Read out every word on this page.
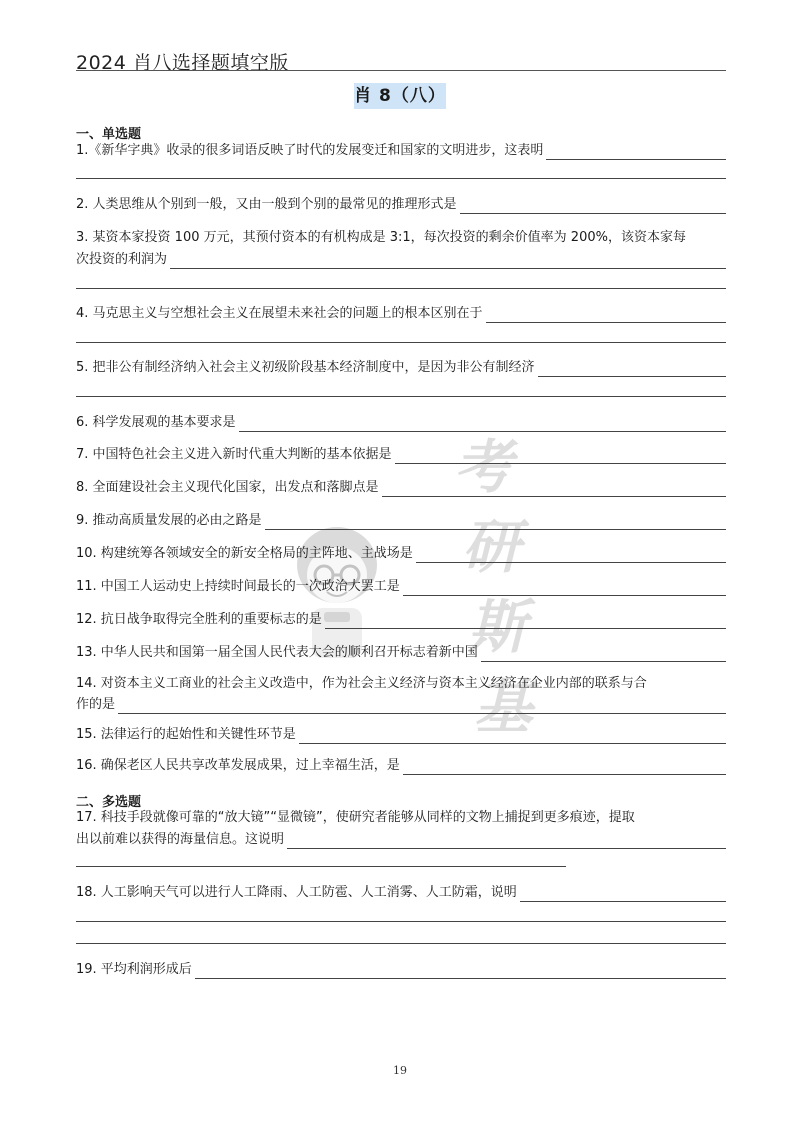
2024 肖八选择题填空版
肖 8（八）
考
研
斯
基
一、单选题
1.《新华字典》收录的很多词语反映了时代的发展变迁和国家的文明进步，这表明
2. 人类思维从个别到一般，又由一般到个别的最常见的推理形式是
3. 某资本家投资 100 万元，其预付资本的有机构成是 3:1，每次投资的剩余价值率为 200%，该资本家每
次投资的利润为
4. 马克思主义与空想社会主义在展望未来社会的问题上的根本区别在于
5. 把非公有制经济纳入社会主义初级阶段基本经济制度中，是因为非公有制经济
6. 科学发展观的基本要求是
7. 中国特色社会主义进入新时代重大判断的基本依据是
8. 全面建设社会主义现代化国家，出发点和落脚点是
9. 推动高质量发展的必由之路是
10. 构建统筹各领域安全的新安全格局的主阵地、主战场是
11. 中国工人运动史上持续时间最长的一次政治大罢工是
12. 抗日战争取得完全胜利的重要标志的是
13. 中华人民共和国第一届全国人民代表大会的顺利召开标志着新中国
14. 对资本主义工商业的社会主义改造中，作为社会主义经济与资本主义经济在企业内部的联系与合
作的是
15. 法律运行的起始性和关键性环节是
16. 确保老区人民共享改革发展成果，过上幸福生活，是
二、多选题
17. 科技手段就像可靠的“放大镜”“显微镜”，使研究者能够从同样的文物上捕捉到更多痕迹，提取
出以前难以获得的海量信息。这说明
18. 人工影响天气可以进行人工降雨、人工防雹、人工消雾、人工防霜，说明
19. 平均利润形成后
19
